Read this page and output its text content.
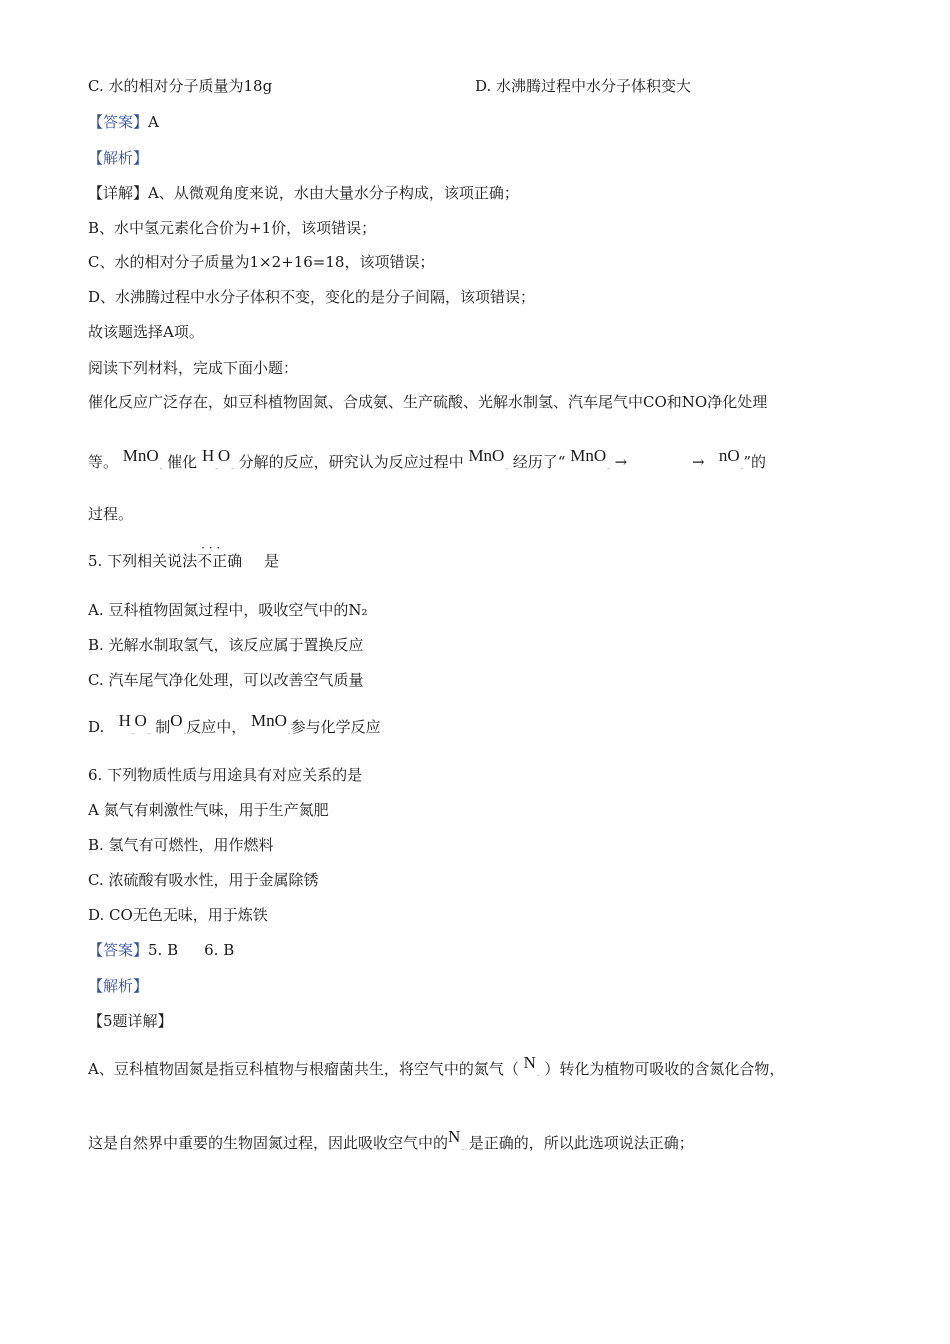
C. 水的相对分子质量为18g	D. 水沸腾过程中水分子体积变大
【答案】A
【解析】
【详解】A、从微观角度来说，水由大量水分子构成，该项正确；
B、水中氢元素化合价为+1价，该项错误；
C、水的相对分子质量为1×2+16=18，该项错误；
D、水沸腾过程中水分子体积不变，变化的是分子间隔，该项错误；
故该题选择A项。
阅读下列材料，完成下面小题：
催化反应广泛存在，如豆科植物固氮、合成氨、生产硫酸、光解水制氢、汽车尾气中CO和NO净化处理
等。 MnO$_-$ 催化 $H_-O_-$ 分解的反应，研究认为反应过程中 MnO$_-$ 经历了“ MnO$_-$ →	→ $nO_-$”的
过程。
5. 下列相关说法· · · 不正确 是
A. 豆科植物固氮过程中，吸收空气中的N₂
B. 光解水制取氢气，该反应属于置换反应
C. 汽车尾气净化处理，可以改善空气质量
D. $H_-O_-$ 制$O_-$反应中， MnO$_-$参与化学反应
6. 下列物质性质与用途具有对应关系的是
A 氮气有刺激性气味，用于生产氮肥
B. 氢气有可燃性，用作燃料
C. 浓硫酸有吸水性，用于金属除锈
D. CO无色无味，用于炼铁
【答案】5. B 6. B
【解析】
【5题详解】
A、豆科植物固氮是指豆科植物与根瘤菌共生，将空气中的氮气（ $N_-$ ）转化为植物可吸收的含氮化合物，
这是自然界中重要的生物固氮过程，因此吸收空气中的$N_-$ 是正确的，所以此选项说法正确；
